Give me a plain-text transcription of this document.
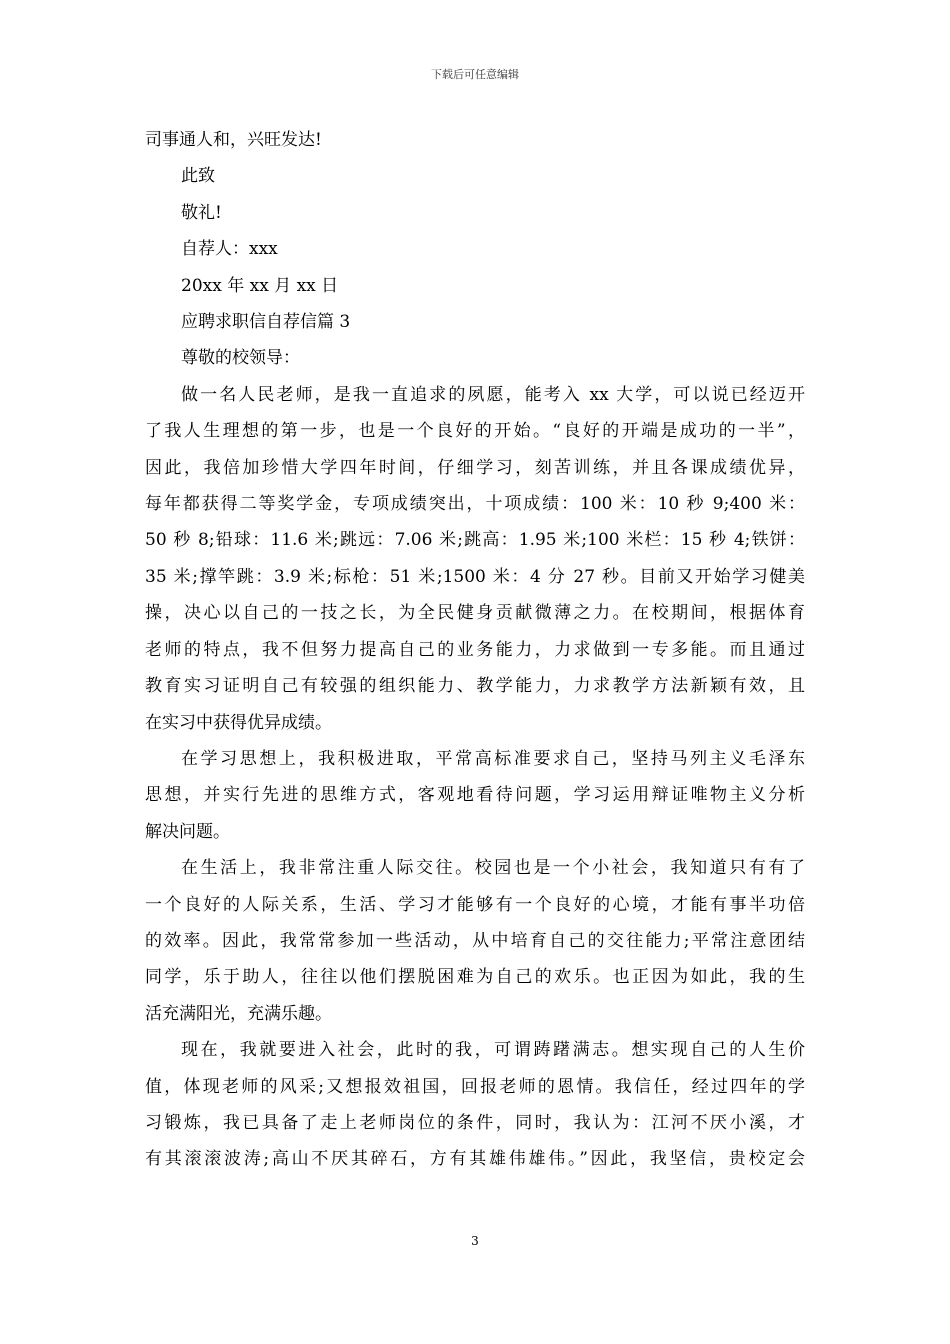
下载后可任意编辑

司事通人和，兴旺发达!

此致

敬礼!

自荐人：xxx

20xx 年 xx 月 xx 日

应聘求职信自荐信篇 3

尊敬的校领导：

做一名人民老师，是我一直追求的夙愿，能考入 xx 大学，可以说已经迈开

了我人生理想的第一步，也是一个良好的开始。“良好的开端是成功的一半”，

因此，我倍加珍惜大学四年时间，仔细学习，刻苦训练，并且各课成绩优异，

每年都获得二等奖学金，专项成绩突出，十项成绩：100 米：10 秒 9;400 米：

50 秒 8;铅球：11.6 米;跳远：7.06 米;跳高：1.95 米;100 米栏：15 秒 4;铁饼：

35 米;撑竿跳：3.9 米;标枪：51 米;1500 米：4 分 27 秒。目前又开始学习健美

操，决心以自己的一技之长，为全民健身贡献微薄之力。在校期间，根据体育

老师的特点，我不但努力提高自己的业务能力，力求做到一专多能。而且通过

教育实习证明自己有较强的组织能力、教学能力，力求教学方法新颖有效，且

在实习中获得优异成绩。

在学习思想上，我积极进取，平常高标准要求自己，坚持马列主义毛泽东

思想，并实行先进的思维方式，客观地看待问题，学习运用辩证唯物主义分析

解决问题。

在生活上，我非常注重人际交往。校园也是一个小社会，我知道只有有了

一个良好的人际关系，生活、学习才能够有一个良好的心境，才能有事半功倍

的效率。因此，我常常参加一些活动，从中培育自己的交往能力;平常注意团结

同学，乐于助人，往往以他们摆脱困难为自己的欢乐。也正因为如此，我的生

活充满阳光，充满乐趣。

现在，我就要进入社会，此时的我，可谓踌躇满志。想实现自己的人生价

值，体现老师的风采;又想报效祖国，回报老师的恩情。我信任，经过四年的学

习锻炼，我已具备了走上老师岗位的条件，同时，我认为：江河不厌小溪，才

有其滚滚波涛;高山不厌其碎石，方有其雄伟雄伟。”因此，我坚信，贵校定会

3
